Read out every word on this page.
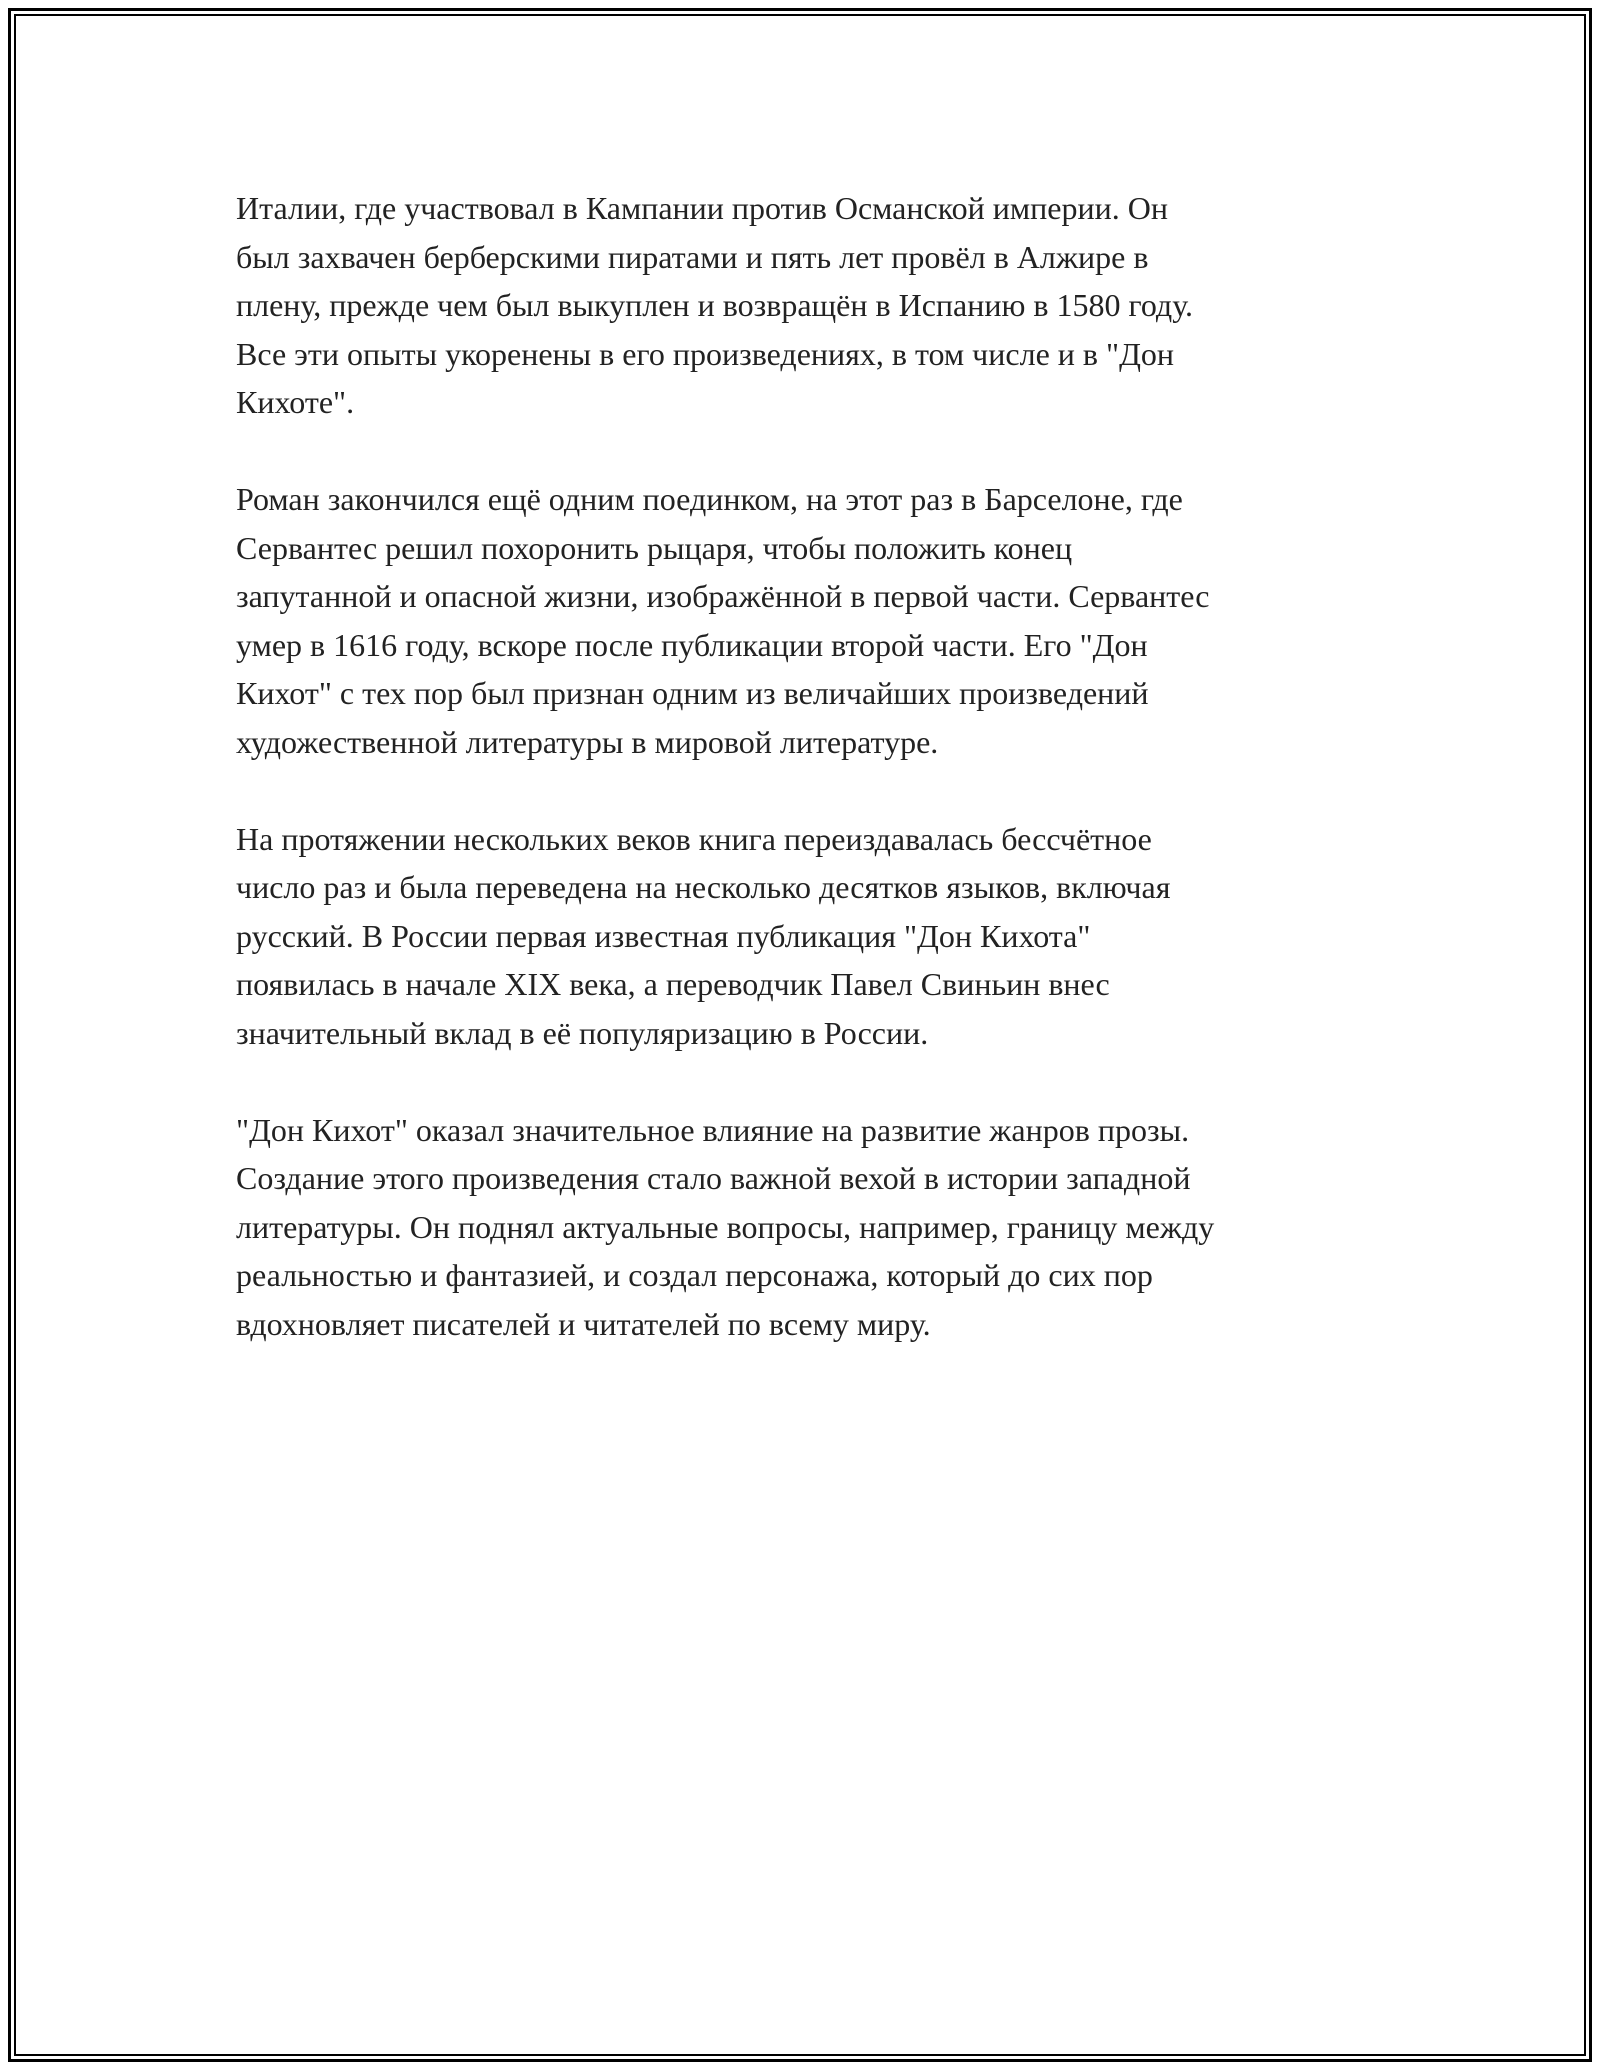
Италии, где участвовал в Кампании против Османской империи. Он
был захвачен берберскими пиратами и пять лет провёл в Алжире в
плену, прежде чем был выкуплен и возвращён в Испанию в 1580 году.
Все эти опыты укоренены в его произведениях, в том числе и в "Дон
Кихоте".

Роман закончился ещё одним поединком, на этот раз в Барселоне, где
Сервантес решил похоронить рыцаря, чтобы положить конец
запутанной и опасной жизни, изображённой в первой части. Сервантес
умер в 1616 году, вскоре после публикации второй части. Его "Дон
Кихот" с тех пор был признан одним из величайших произведений
художественной литературы в мировой литературе.

На протяжении нескольких веков книга переиздавалась бессчётное
число раз и была переведена на несколько десятков языков, включая
русский. В России первая известная публикация "Дон Кихота"
появилась в начале XIX века, а переводчик Павел Свиньин внес
значительный вклад в её популяризацию в России.

"Дон Кихот" оказал значительное влияние на развитие жанров прозы.
Создание этого произведения стало важной вехой в истории западной
литературы. Он поднял актуальные вопросы, например, границу между
реальностью и фантазией, и создал персонажа, который до сих пор
вдохновляет писателей и читателей по всему миру.
